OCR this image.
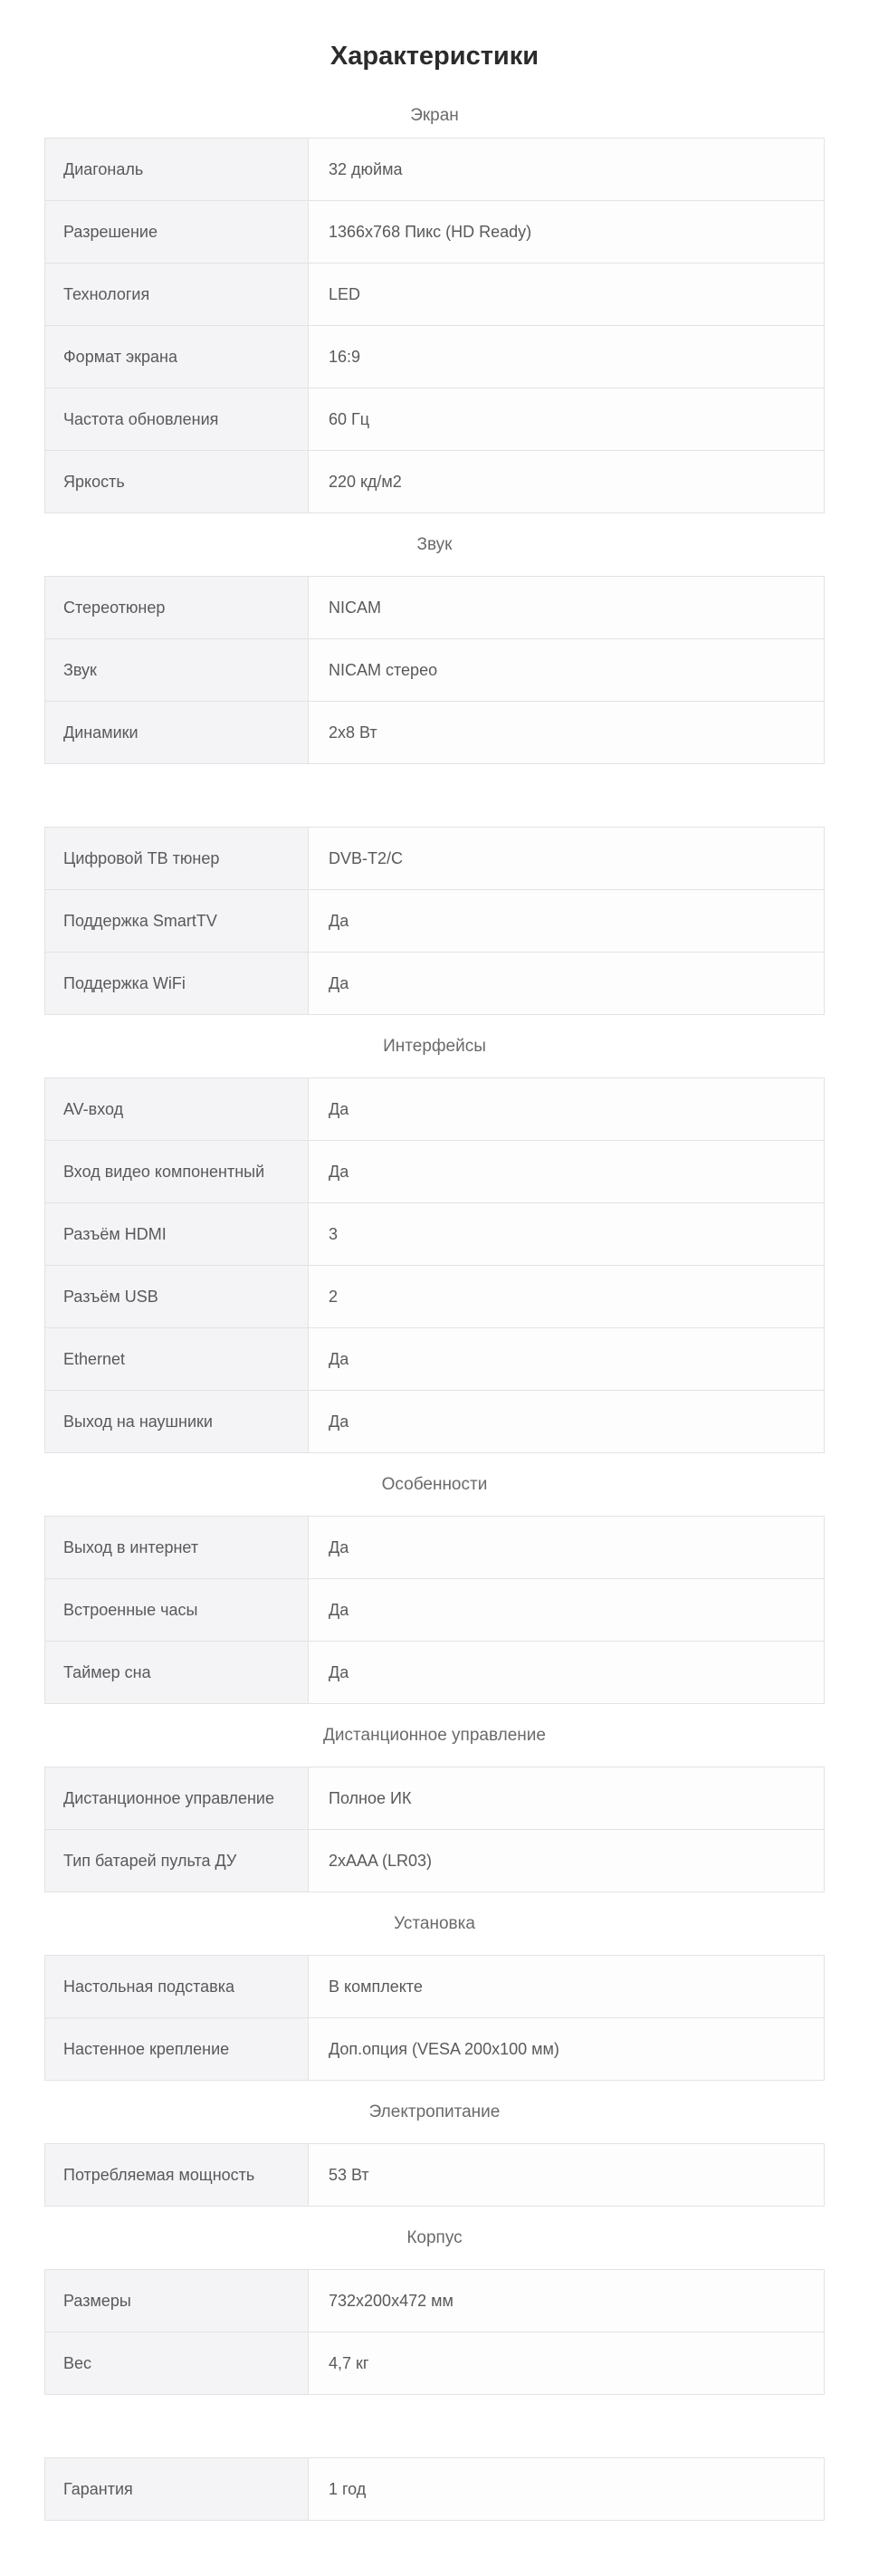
Характеристики
Экран
Диагональ	32 дюйма
Разрешение	1366x768 Пикс (HD Ready)
Технология	LED
Формат экрана	16:9
Частота обновления	60 Гц
Яркость	220 кд/м2
Звук
Стереотюнер	NICAM
Звук	NICAM стерео
Динамики	2x8 Вт
Цифровой ТВ тюнер	DVB-T2/C
Поддержка SmartTV	Да
Поддержка WiFi	Да
Интерфейсы
AV-вход	Да
Вход видео компонентный	Да
Разъём HDMI	3
Разъём USB	2
Ethernet	Да
Выход на наушники	Да
Особенности
Выход в интернет	Да
Встроенные часы	Да
Таймер сна	Да
Дистанционное управление
Дистанционное управление	Полное ИК
Тип батарей пульта ДУ	2xAAA (LR03)
Установка
Настольная подставка	В комплекте
Настенное крепление	Доп.опция (VESA 200x100 мм)
Электропитание
Потребляемая мощность	53 Вт
Корпус
Размеры	732x200x472 мм
Вес	4,7 кг
Гарантия	1 год
